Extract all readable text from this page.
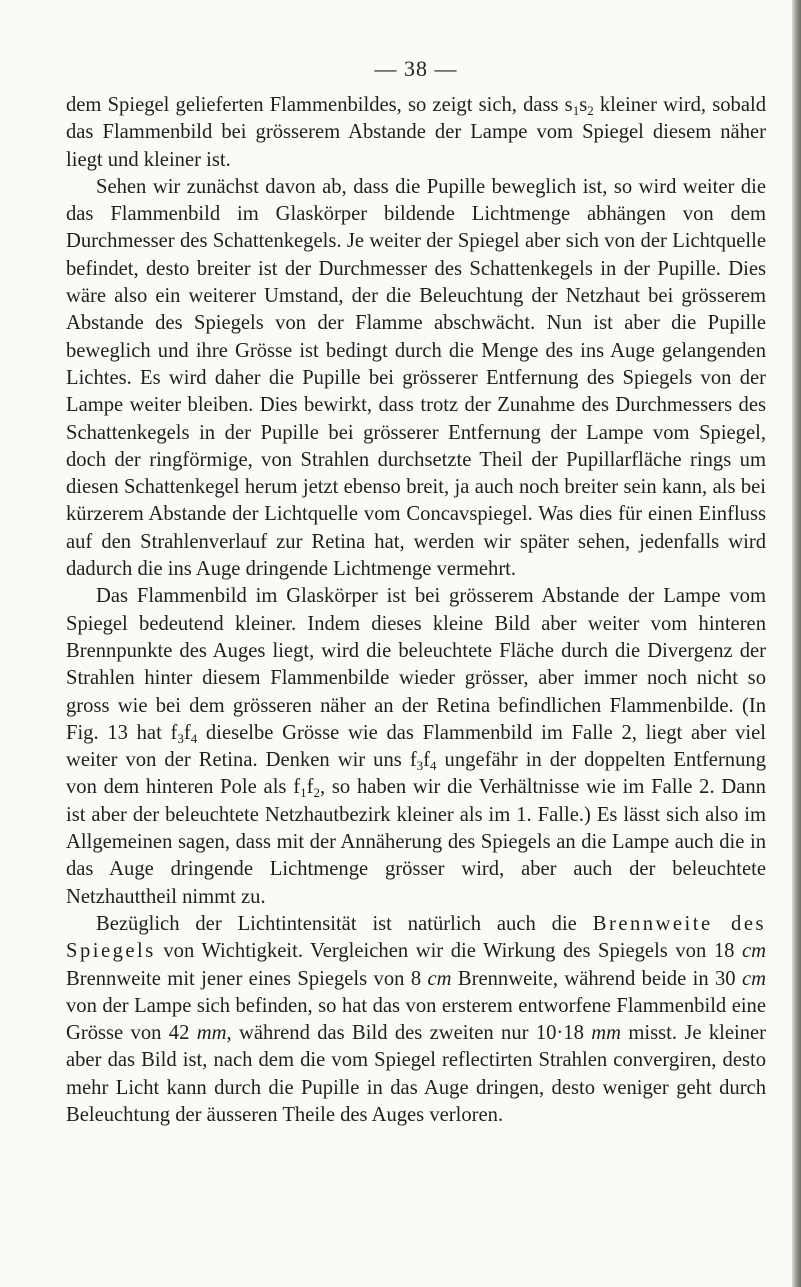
— 38 —

dem Spiegel gelieferten Flammenbildes, so zeigt sich, dass $s_1s_2$ kleiner wird, sobald das Flammenbild bei grösserem Abstande der Lampe vom Spiegel diesem näher liegt und kleiner ist.

Sehen wir zunächst davon ab, dass die Pupille beweglich ist, so wird weiter die das Flammenbild im Glaskörper bildende Lichtmenge abhängen von dem Durchmesser des Schattenkegels. Je weiter der Spiegel aber sich von der Lichtquelle befindet, desto breiter ist der Durchmesser des Schattenkegels in der Pupille. Dies wäre also ein weiterer Umstand, der die Beleuchtung der Netzhaut bei grösserem Abstande des Spiegels von der Flamme abschwächt. Nun ist aber die Pupille beweglich und ihre Grösse ist bedingt durch die Menge des ins Auge gelangenden Lichtes. Es wird daher die Pupille bei grösserer Entfernung des Spiegels von der Lampe weiter bleiben. Dies bewirkt, dass trotz der Zunahme des Durchmessers des Schattenkegels in der Pupille bei grösserer Entfernung der Lampe vom Spiegel, doch der ringförmige, von Strahlen durchsetzte Theil der Pupillarfläche rings um diesen Schattenkegel herum jetzt ebenso breit, ja auch noch breiter sein kann, als bei kürzerem Abstande der Lichtquelle vom Concavspiegel. Was dies für einen Einfluss auf den Strahlenverlauf zur Retina hat, werden wir später sehen, jedenfalls wird dadurch die ins Auge dringende Lichtmenge vermehrt.

Das Flammenbild im Glaskörper ist bei grösserem Abstande der Lampe vom Spiegel bedeutend kleiner. Indem dieses kleine Bild aber weiter vom hinteren Brennpunkte des Auges liegt, wird die beleuchtete Fläche durch die Divergenz der Strahlen hinter diesem Flammenbilde wieder grösser, aber immer noch nicht so gross wie bei dem grösseren näher an der Retina befindlichen Flammenbilde. (In Fig. 13 hat $f_3f_4$ dieselbe Grösse wie das Flammenbild im Falle 2, liegt aber viel weiter von der Retina. Denken wir uns $f_3f_4$ ungefähr in der doppelten Entfernung von dem hinteren Pole als $f_1f_2$, so haben wir die Verhältnisse wie im Falle 2. Dann ist aber der beleuchtete Netzhautbezirk kleiner als im 1. Falle.) Es lässt sich also im Allgemeinen sagen, dass mit der Annäherung des Spiegels an die Lampe auch die in das Auge dringende Lichtmenge grösser wird, aber auch der beleuchtete Netzhauttheil nimmt zu.

Bezüglich der Lichtintensität ist natürlich auch die Brennweite des Spiegels von Wichtigkeit. Vergleichen wir die Wirkung des Spiegels von 18 cm Brennweite mit jener eines Spiegels von 8 cm Brennweite, während beide in 30 cm von der Lampe sich befinden, so hat das von ersterem entworfene Flammenbild eine Grösse von 42 mm, während das Bild des zweiten nur 10·18 mm misst. Je kleiner aber das Bild ist, nach dem die vom Spiegel reflectirten Strahlen convergiren, desto mehr Licht kann durch die Pupille in das Auge dringen, desto weniger geht durch Beleuchtung der äusseren Theile des Auges verloren.
